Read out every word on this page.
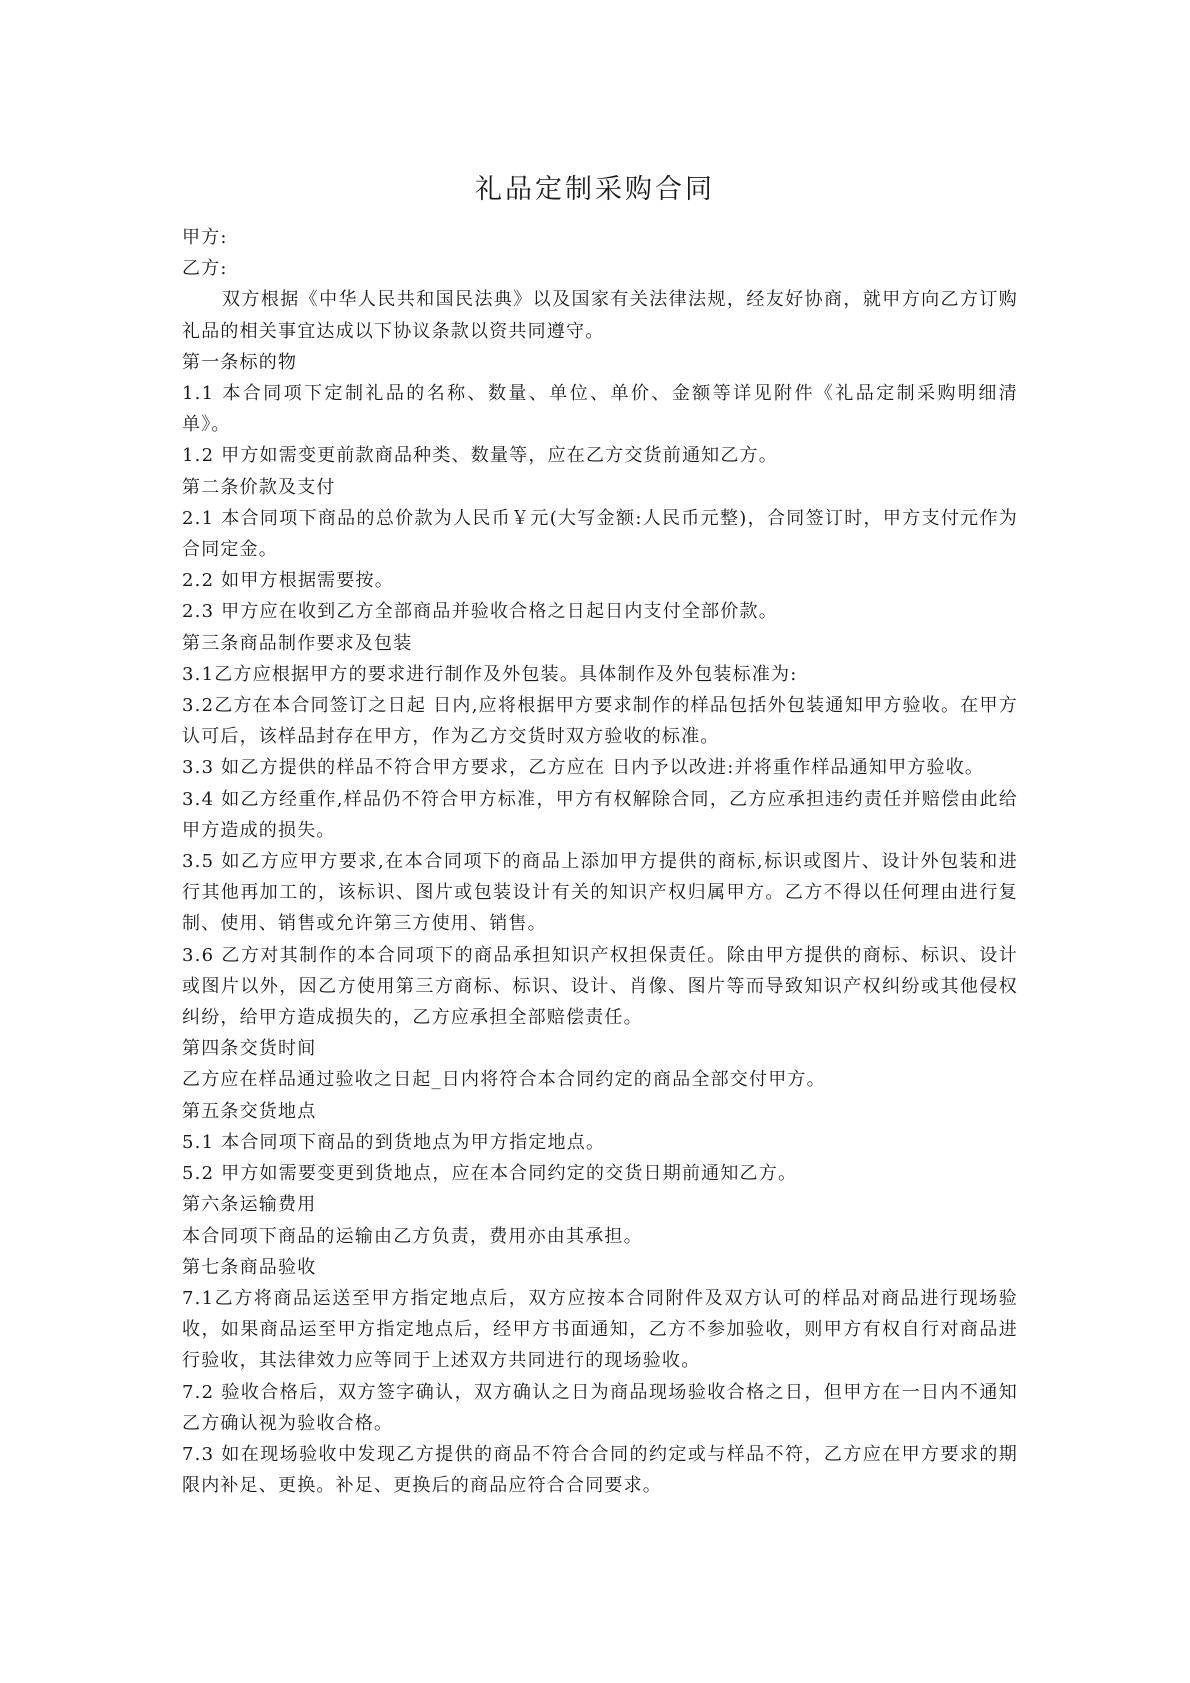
礼品定制采购合同

甲方:

乙方:

双方根据《中华人民共和国民法典》以及国家有关法律法规，经友好协商，就甲方向乙方订购礼品的相关事宜达成以下协议条款以资共同遵守。

第一条标的物

1.1 本合同项下定制礼品的名称、数量、单位、单价、金额等详见附件《礼品定制采购明细清单》。

1.2 甲方如需变更前款商品种类、数量等，应在乙方交货前通知乙方。

第二条价款及支付

2.1 本合同项下商品的总价款为人民币￥元(大写金额:人民币元整)，合同签订时，甲方支付元作为合同定金。

2.2 如甲方根据需要按。

2.3 甲方应在收到乙方全部商品并验收合格之日起日内支付全部价款。

第三条商品制作要求及包装

3.1乙方应根据甲方的要求进行制作及外包装。具体制作及外包装标准为:

3.2乙方在本合同签订之日起 日内,应将根据甲方要求制作的样品包括外包装通知甲方验收。在甲方认可后，该样品封存在甲方，作为乙方交货时双方验收的标准。

3.3 如乙方提供的样品不符合甲方要求，乙方应在 日内予以改进:并将重作样品通知甲方验收。

3.4 如乙方经重作,样品仍不符合甲方标准，甲方有权解除合同，乙方应承担违约责任并赔偿由此给甲方造成的损失。

3.5 如乙方应甲方要求,在本合同项下的商品上添加甲方提供的商标,标识或图片、设计外包装和进行其他再加工的，该标识、图片或包装设计有关的知识产权归属甲方。乙方不得以任何理由进行复制、使用、销售或允许第三方使用、销售。

3.6 乙方对其制作的本合同项下的商品承担知识产权担保责任。除由甲方提供的商标、标识、设计或图片以外，因乙方使用第三方商标、标识、设计、肖像、图片等而导致知识产权纠纷或其他侵权纠纷，给甲方造成损失的，乙方应承担全部赔偿责任。

第四条交货时间

乙方应在样品通过验收之日起_日内将符合本合同约定的商品全部交付甲方。

第五条交货地点

5.1 本合同项下商品的到货地点为甲方指定地点。

5.2 甲方如需要变更到货地点，应在本合同约定的交货日期前通知乙方。

第六条运输费用

本合同项下商品的运输由乙方负责，费用亦由其承担。

第七条商品验收

7.1乙方将商品运送至甲方指定地点后，双方应按本合同附件及双方认可的样品对商品进行现场验收，如果商品运至甲方指定地点后，经甲方书面通知，乙方不参加验收，则甲方有权自行对商品进行验收，其法律效力应等同于上述双方共同进行的现场验收。

7.2 验收合格后，双方签字确认，双方确认之日为商品现场验收合格之日，但甲方在一日内不通知乙方确认视为验收合格。

7.3 如在现场验收中发现乙方提供的商品不符合合同的约定或与样品不符，乙方应在甲方要求的期限内补足、更换。补足、更换后的商品应符合合同要求。
